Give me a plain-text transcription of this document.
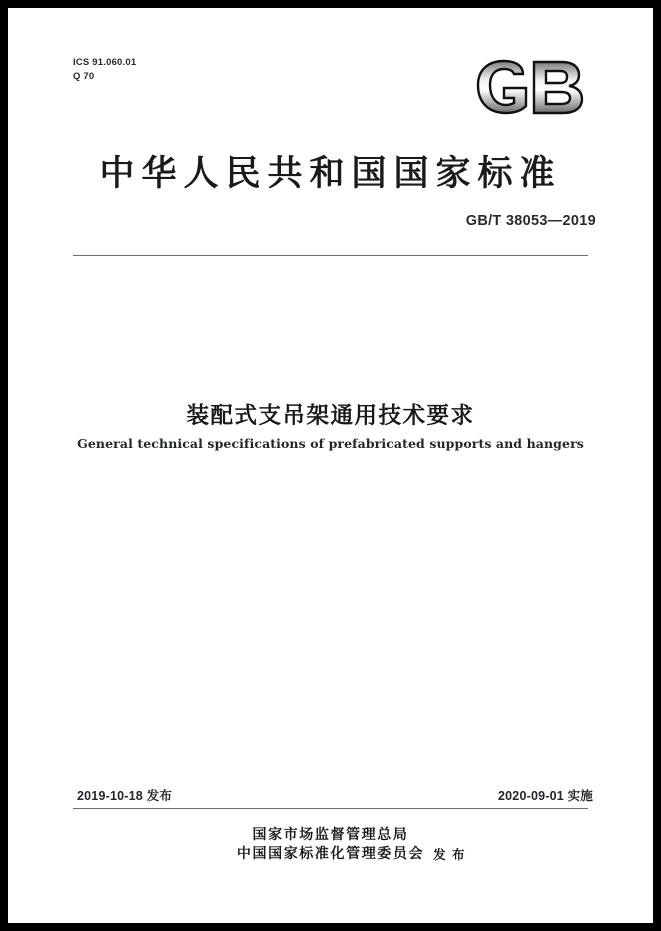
ICS 91.060.01
Q 70
中华人民共和国国家标准
GB/T 38053—2019
装配式支吊架通用技术要求
General technical specifications of prefabricated supports and hangers
2019-10-18 发布	2020-09-01 实施
国家市场监督管理总局
中国国家标准化管理委员会 发 布
